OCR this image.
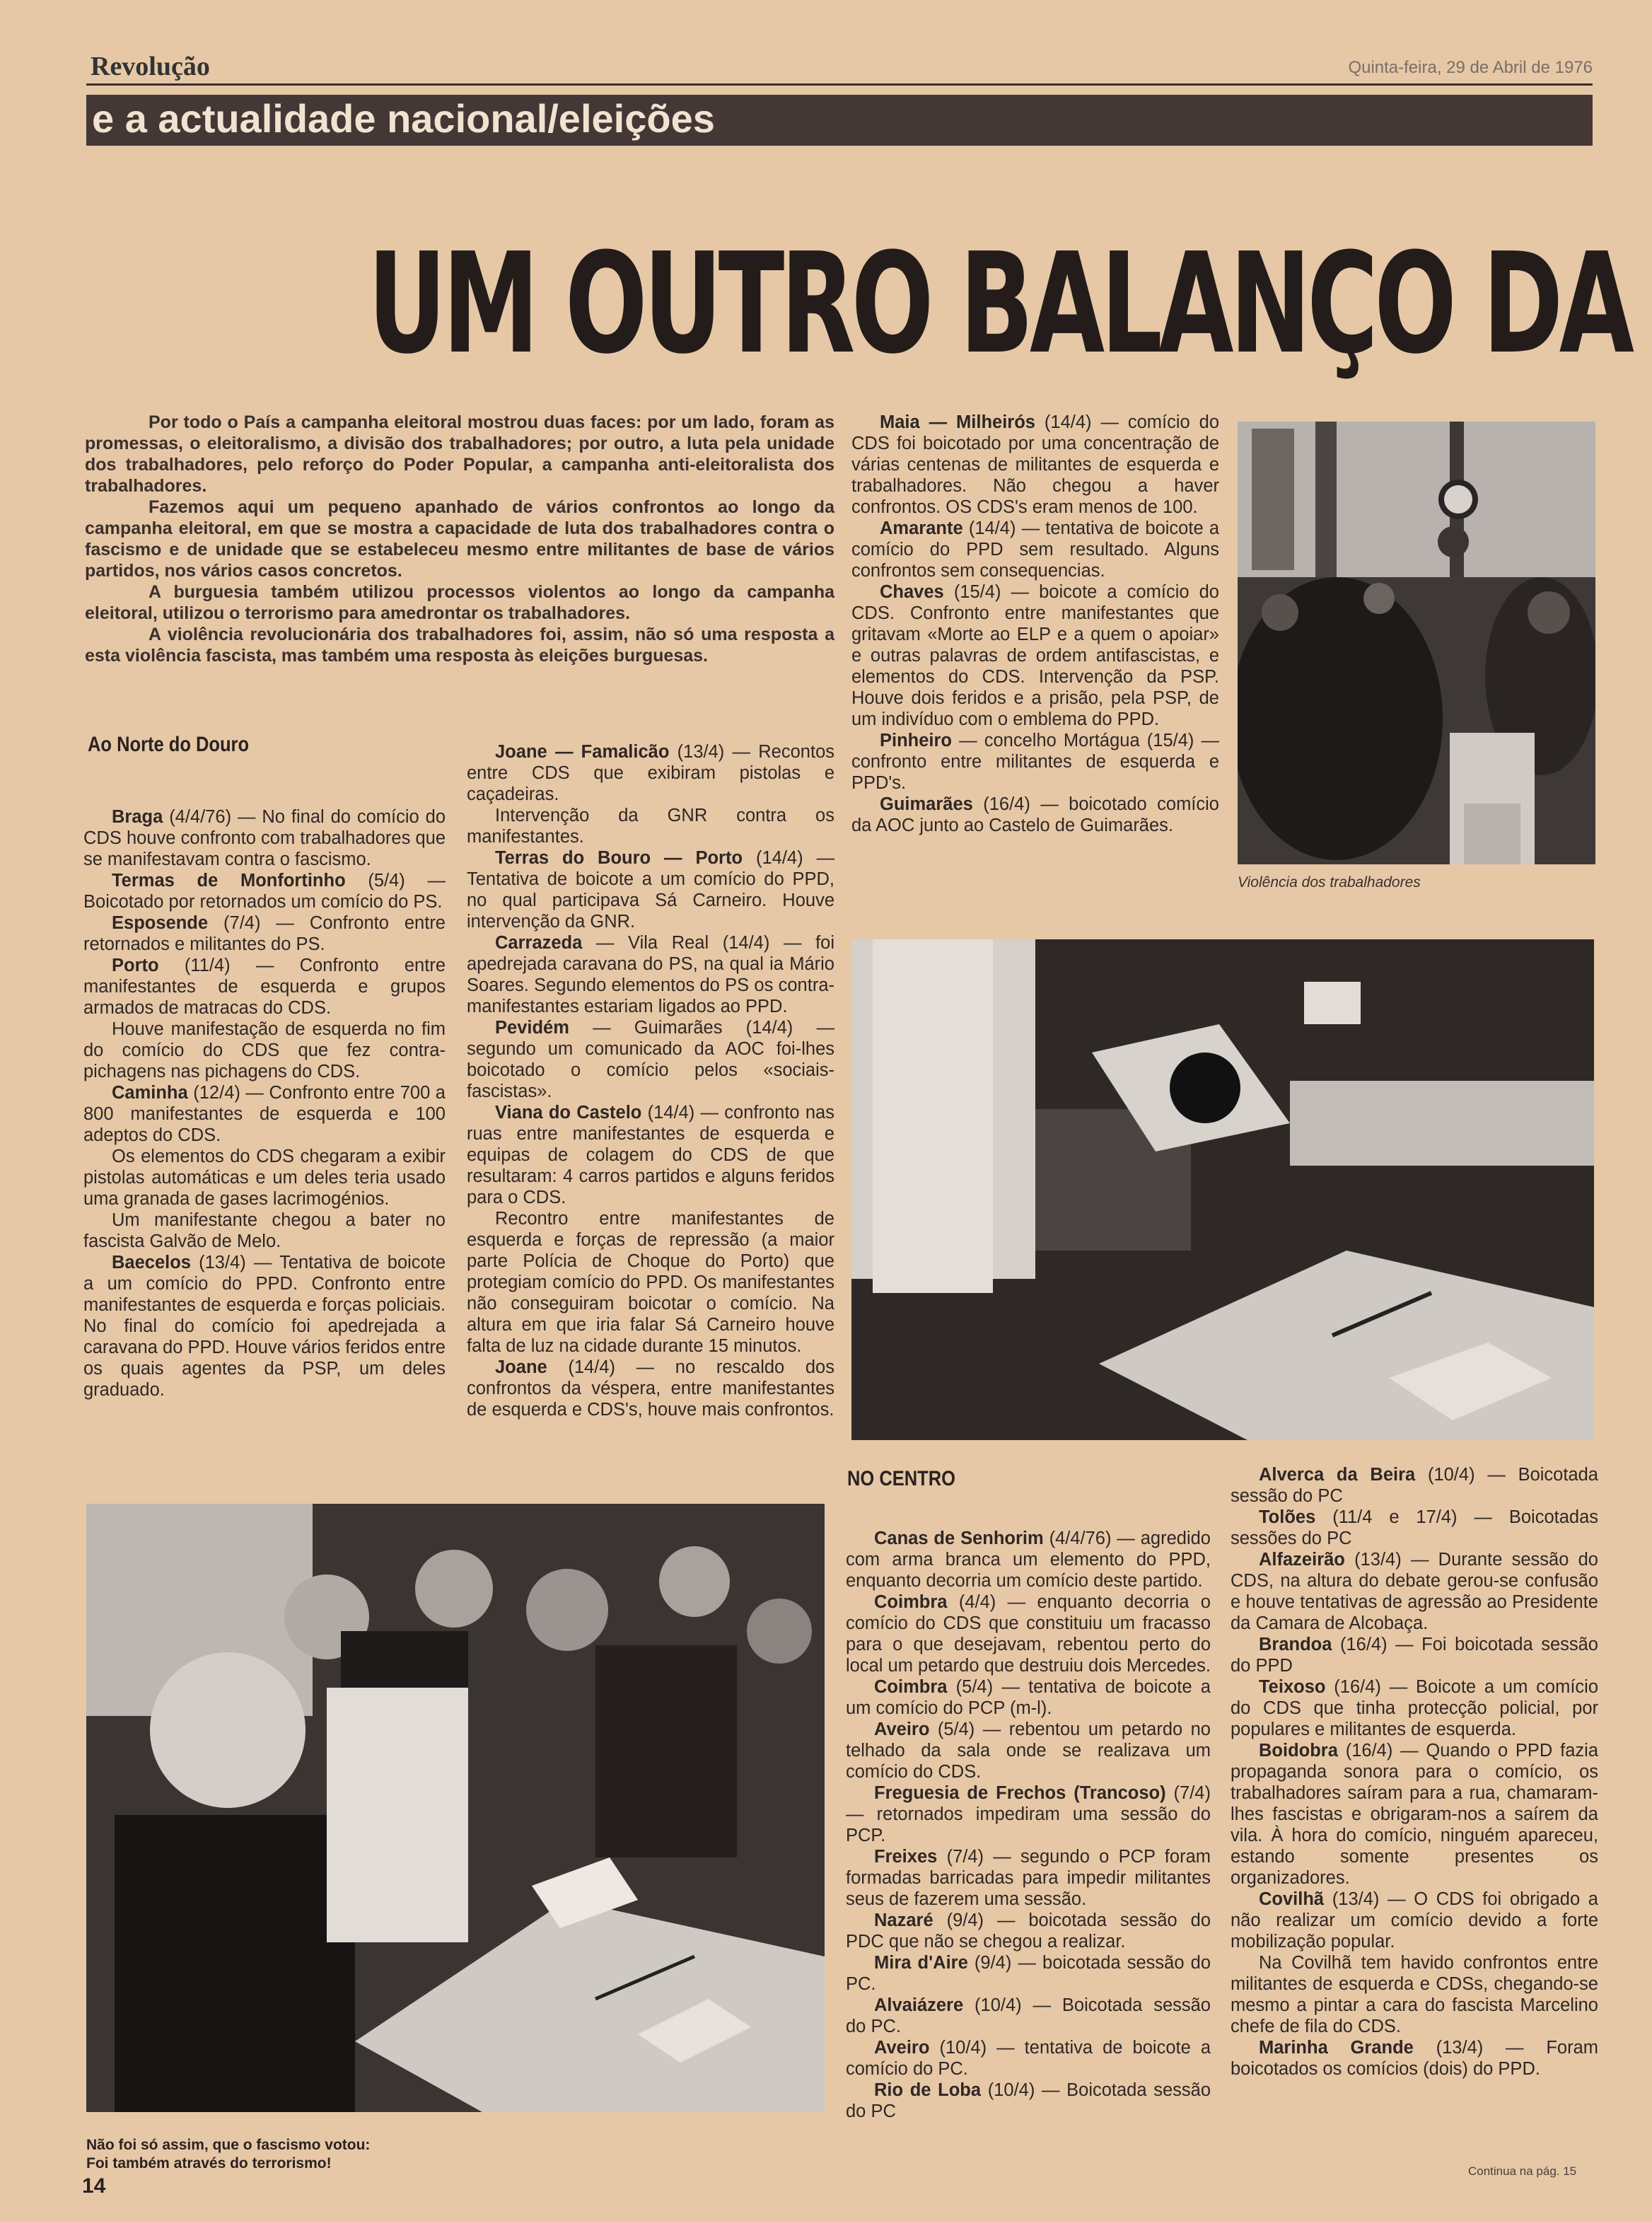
Revolução	Quinta-feira, 29 de Abril de 1976
e a actualidade nacional/eleições

UM OUTRO BALANÇO DA

Por todo o País a campanha eleitoral mostrou duas faces: por um lado, foram as promessas, o eleitoralismo, a divisão dos trabalhadores; por outro, a luta pela unidade dos trabalhadores, pelo reforço do Poder Popular, a campanha anti-eleitoralista dos trabalhadores.

Fazemos aqui um pequeno apanhado de vários confrontos ao longo da campanha eleitoral, em que se mostra a capacidade de luta dos trabalhadores contra o fascismo e de unidade que se estabeleceu mesmo entre militantes de base de vários partidos, nos vários casos concretos.

A burguesia também utilizou processos violentos ao longo da campanha eleitoral, utilizou o terrorismo para amedrontar os trabalhadores.

A violência revolucionária dos trabalhadores foi, assim, não só uma resposta a esta violência fascista, mas também uma resposta às eleições burguesas.

Ao Norte do Douro

Braga (4/4/76) — No final do comício do CDS houve confronto com trabalhadores que se manifestavam contra o fascismo.

Termas de Monfortinho (5/4) — Boicotado por retornados um comício do PS.

Esposende (7/4) — Confronto entre retornados e militantes do PS.

Porto (11/4) — Confronto entre manifestantes de esquerda e grupos armados de matracas do CDS.

Houve manifestação de esquerda no fim do comício do CDS que fez contra-pichagens nas pichagens do CDS.

Caminha (12/4) — Confronto entre 700 a 800 manifestantes de esquerda e 100 adeptos do CDS.

Os elementos do CDS chegaram a exibir pistolas automáticas e um deles teria usado uma granada de gases lacrimogénios.

Um manifestante chegou a bater no fascista Galvão de Melo.

Baecelos (13/4) — Tentativa de boicote a um comício do PPD. Confronto entre manifestantes de esquerda e forças policiais. No final do comício foi apedrejada a caravana do PPD. Houve vários feridos entre os quais agentes da PSP, um deles graduado.

Joane — Famalicão (13/4) — Recontos entre CDS que exibiram pistolas e caçadeiras.

Intervenção da GNR contra os manifestantes.

Terras do Bouro — Porto (14/4) — Tentativa de boicote a um comício do PPD, no qual participava Sá Carneiro. Houve intervenção da GNR.

Carrazeda — Vila Real (14/4) — foi apedrejada caravana do PS, na qual ia Mário Soares. Segundo elementos do PS os contra-manifestantes estariam ligados ao PPD.

Pevidém — Guimarães (14/4) — segundo um comunicado da AOC foi-lhes boicotado o comício pelos «sociais-fascistas».

Viana do Castelo (14/4) — confronto nas ruas entre manifestantes de esquerda e equipas de colagem do CDS de que resultaram: 4 carros partidos e alguns feridos para o CDS.

Recontro entre manifestantes de esquerda e forças de repressão (a maior parte Polícia de Choque do Porto) que protegiam comício do PPD. Os manifestantes não conseguiram boicotar o comício. Na altura em que iria falar Sá Carneiro houve falta de luz na cidade durante 15 minutos.

Joane (14/4) — no rescaldo dos confrontos da véspera, entre manifestantes de esquerda e CDS's, houve mais confrontos.

Maia — Milheirós (14/4) — comício do CDS foi boicotado por uma concentração de várias centenas de militantes de esquerda e trabalhadores. Não chegou a haver confrontos. OS CDS's eram menos de 100.

Amarante (14/4) — tentativa de boicote a comício do PPD sem resultado. Alguns confrontos sem consequencias.

Chaves (15/4) — boicote a comício do CDS. Confronto entre manifestantes que gritavam «Morte ao ELP e a quem o apoiar» e outras palavras de ordem antifascistas, e elementos do CDS. Intervenção da PSP. Houve dois feridos e a prisão, pela PSP, de um indivíduo com o emblema do PPD.

Pinheiro — concelho Mortágua (15/4) — confronto entre militantes de esquerda e PPD's.

Guimarães (16/4) — boicotado comício da AOC junto ao Castelo de Guimarães.

Violência dos trabalhadores
Não foi só assim, que o fascismo votou:
Foi também através do terrorismo!
NO CENTRO

Canas de Senhorim (4/4/76) — agredido com arma branca um elemento do PPD, enquanto decorria um comício deste partido.

Coimbra (4/4) — enquanto decorria o comício do CDS que constituiu um fracasso para o que desejavam, rebentou perto do local um petardo que destruiu dois Mercedes.

Coimbra (5/4) — tentativa de boicote a um comício do PCP (m-l).

Aveiro (5/4) — rebentou um petardo no telhado da sala onde se realizava um comício do CDS.

Freguesia de Frechos (Trancoso) (7/4) — retornados impediram uma sessão do PCP.

Freixes (7/4) — segundo o PCP foram formadas barricadas para impedir militantes seus de fazerem uma sessão.

Nazaré (9/4) — boicotada sessão do PDC que não se chegou a realizar.

Mira d'Aire (9/4) — boicotada sessão do PC.

Alvaiázere (10/4) — Boicotada sessão do PC.

Aveiro (10/4) — tentativa de boicote a comício do PC.

Rio de Loba (10/4) — Boicotada sessão do PC

Alverca da Beira (10/4) — Boicotada sessão do PC

Tolões (11/4 e 17/4) — Boicotadas sessões do PC

Alfazeirão (13/4) — Durante sessão do CDS, na altura do debate gerou-se confusão e houve tentativas de agressão ao Presidente da Camara de Alcobaça.

Brandoa (16/4) — Foi boicotada sessão do PPD

Teixoso (16/4) — Boicote a um comício do CDS que tinha protecção policial, por populares e militantes de esquerda.

Boidobra (16/4) — Quando o PPD fazia propaganda sonora para o comício, os trabalhadores saíram para a rua, chamaram-lhes fascistas e obrigaram-nos a saírem da vila. À hora do comício, ninguém apareceu, estando somente presentes os organizadores.

Covilhã (13/4) — O CDS foi obrigado a não realizar um comício devido a forte mobilização popular.

Na Covilhã tem havido confrontos entre militantes de esquerda e CDSs, chegando-se mesmo a pintar a cara do fascista Marcelino chefe de fila do CDS.

Marinha Grande (13/4) — Foram boicotados os comícios (dois) do PPD.

14
Continua na pág. 15
